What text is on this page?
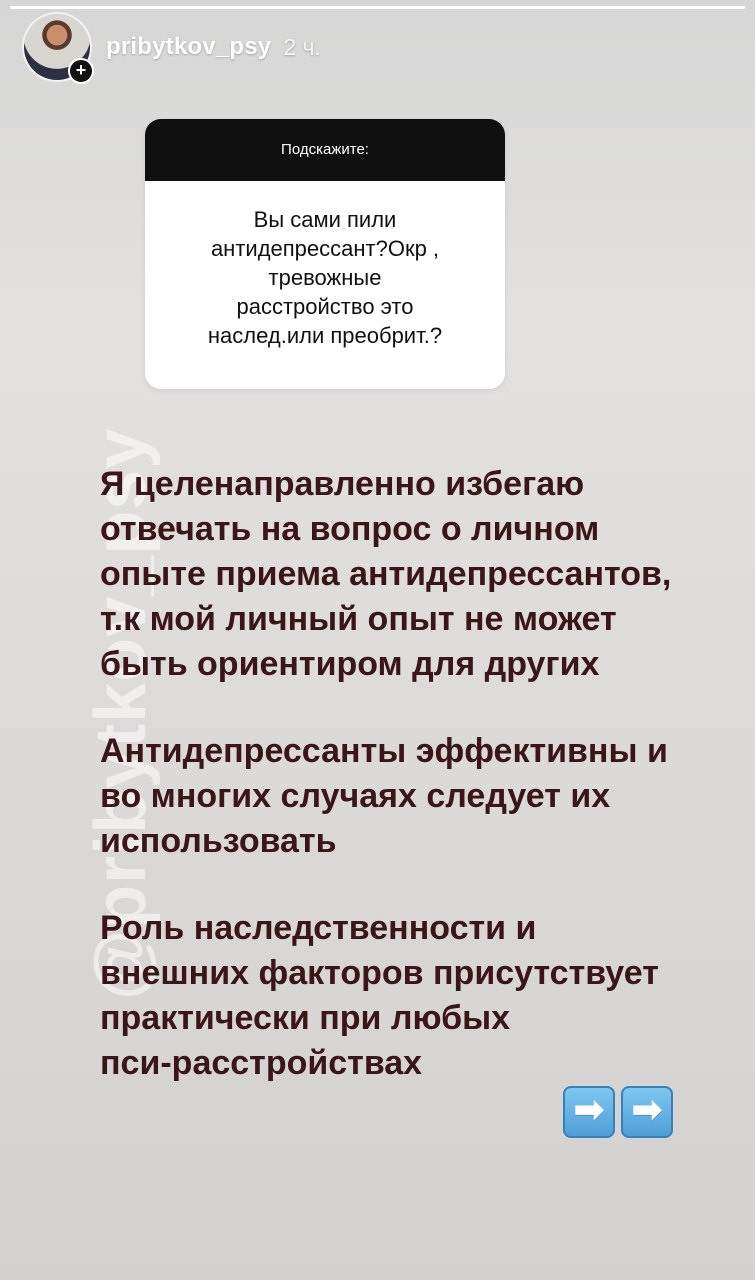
+
pribytkov_psy 2 ч.
Подскажите:
Вы сами пили
антидепрессант?Окр ,
тревожные
расстройство это
наслед.или преобрит.?
@pribytkov_psy
Я целенаправленно избегаю
отвечать на вопрос о личном
опыте приема антидепрессантов,
т.к мой личный опыт не может
быть ориентиром для других
Антидепрессанты эффективны и
во многих случаях следует их
использовать
Роль наследственности и
внешних факторов присутствует
практически при любых
пси-расстройствах
➡ ➡
